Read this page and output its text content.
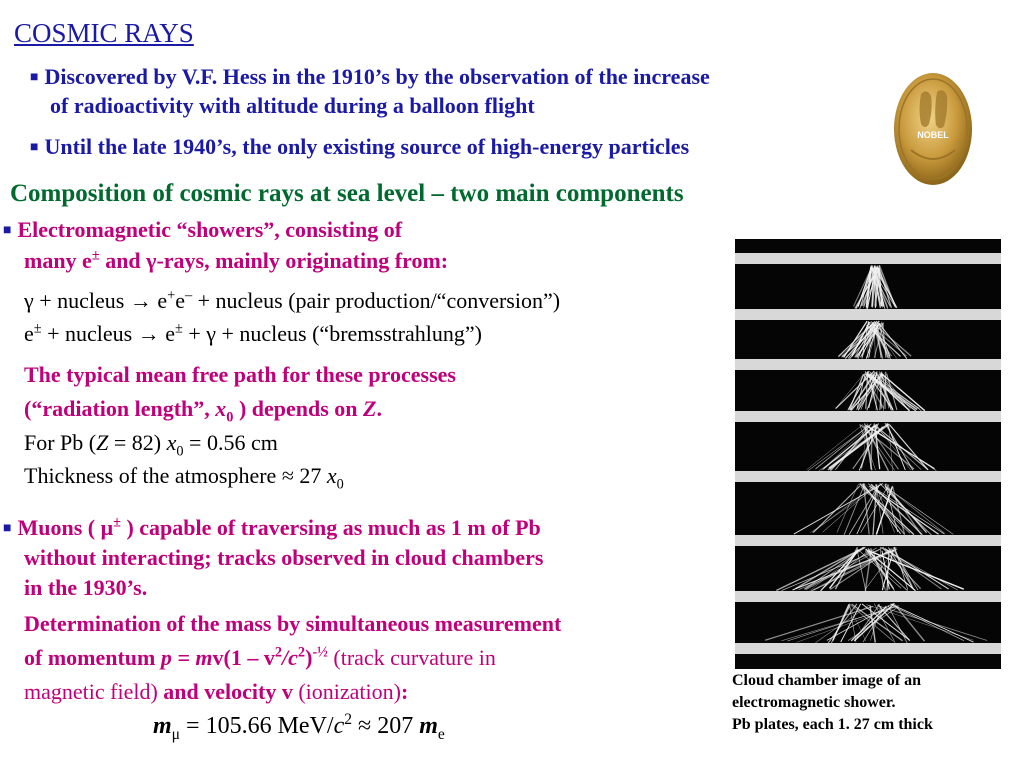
COSMIC RAYS
■ Discovered by V.F. Hess in the 1910’s by the observation of the increase
of radioactivity with altitude during a balloon flight
■ Until the late 1940’s, the only existing source of high-energy particles	NOBEL
Composition of cosmic rays at sea level – two main components
■ Electromagnetic “showers”, consisting of
many e± and γ-rays, mainly originating from:
γ + nucleus → e+e– + nucleus (pair production/“conversion”)
e± + nucleus → e± + γ + nucleus (“bremsstrahlung”)
The typical mean free path for these processes
(“radiation length”, $x_0$ ) depends on Z.
For Pb (Z = 82) $x_0 = 0.56$ cm
Thickness of the atmosphere ≈ 27 $x_0$
■ Muons ( μ± ) capable of traversing as much as 1 m of Pb
without interacting; tracks observed in cloud chambers
in the 1930’s.
Determination of the mass by simultaneous measurement
of momentum $p = mv(1 - v^2/c^2)^{-\frac{1}{2}}$ (track curvature in
magnetic field) and velocity v (ionization):
$m_\mu = 105.66$ MeV/$c^2 \approx 207$ $m_e$
Cloud chamber image of an
electromagnetic shower.
Pb plates, each 1. 27 cm thick
